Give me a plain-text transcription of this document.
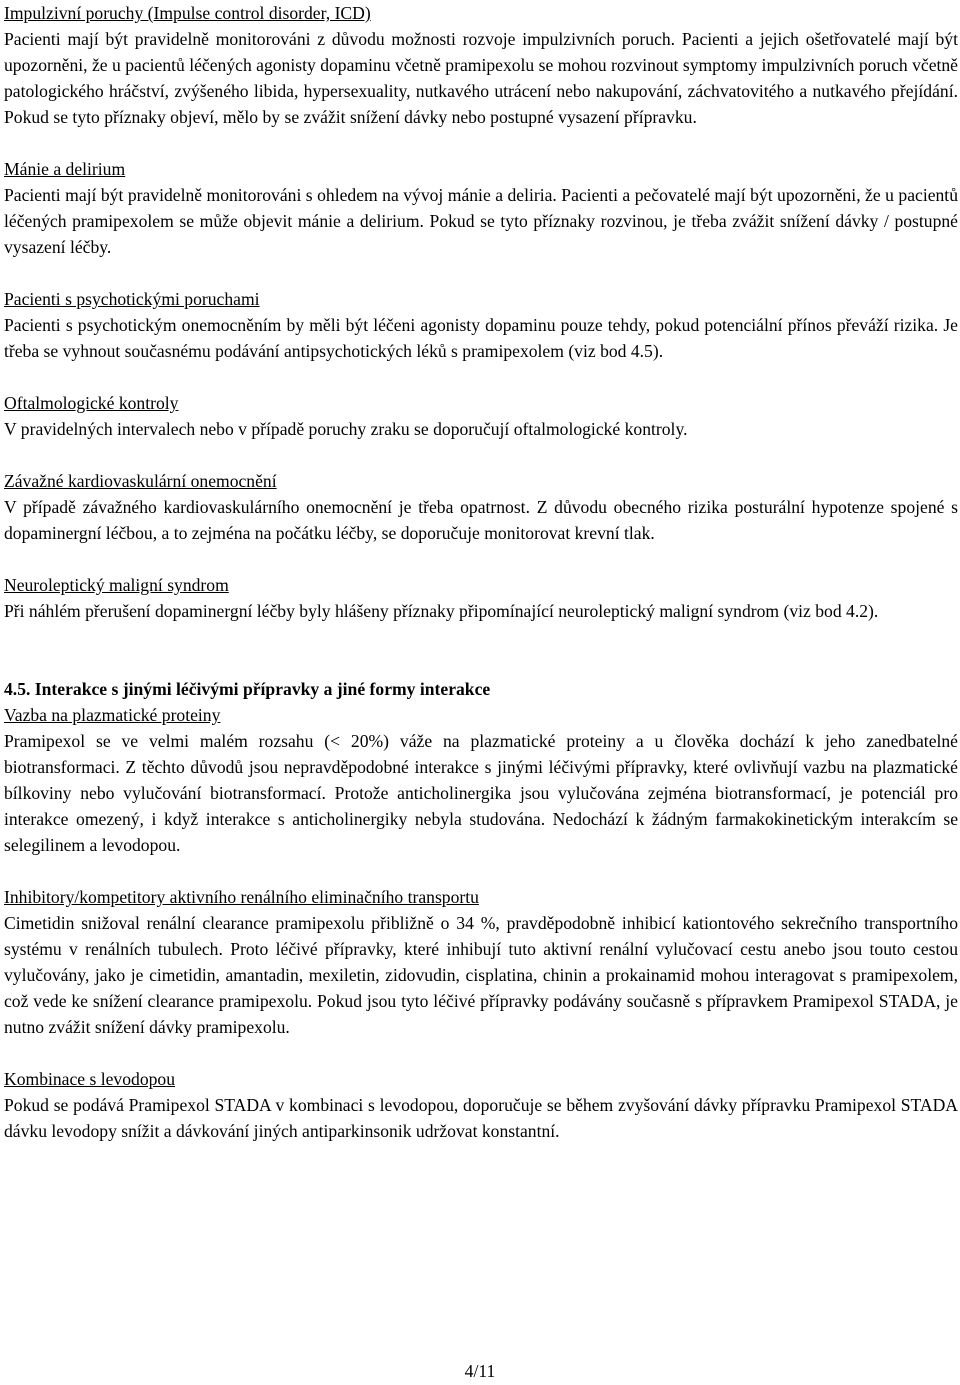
Impulzivní poruchy (Impulse control disorder, ICD)

Pacienti mají být pravidelně monitorováni z důvodu možnosti rozvoje impulzivních poruch. Pacienti a jejich ošetřovatelé mají být upozorněni, že u pacientů léčených agonisty dopaminu včetně pramipexolu se mohou rozvinout symptomy impulzivních poruch včetně patologického hráčství, zvýšeného libida, hypersexuality, nutkavého utrácení nebo nakupování, záchvatovitého a nutkavého přejídání. Pokud se tyto příznaky objeví, mělo by se zvážit snížení dávky nebo postupné vysazení přípravku.

Mánie a delirium

Pacienti mají být pravidelně monitorováni s ohledem na vývoj mánie a deliria. Pacienti a pečovatelé mají být upozorněni, že u pacientů léčených pramipexolem se může objevit mánie a delirium. Pokud se tyto příznaky rozvinou, je třeba zvážit snížení dávky / postupné vysazení léčby.

Pacienti s psychotickými poruchami

Pacienti s psychotickým onemocněním by měli být léčeni agonisty dopaminu pouze tehdy, pokud potenciální přínos převáží rizika. Je třeba se vyhnout současnému podávání antipsychotických léků s pramipexolem (viz bod 4.5).

Oftalmologické kontroly

V pravidelných intervalech nebo v případě poruchy zraku se doporučují oftalmologické kontroly.

Závažné kardiovaskulární onemocnění

V případě závažného kardiovaskulárního onemocnění je třeba opatrnost. Z důvodu obecného rizika posturální hypotenze spojené s dopaminergní léčbou, a to zejména na počátku léčby, se doporučuje monitorovat krevní tlak.

Neuroleptický maligní syndrom

Při náhlém přerušení dopaminergní léčby byly hlášeny příznaky připomínající neuroleptický maligní syndrom (viz bod 4.2).

4.5. Interakce s jinými léčivými přípravky a jiné formy interakce

Vazba na plazmatické proteiny

Pramipexol se ve velmi malém rozsahu (< 20%) váže na plazmatické proteiny a u člověka dochází k jeho zanedbatelné biotransformaci. Z těchto důvodů jsou nepravděpodobné interakce s jinými léčivými přípravky, které ovlivňují vazbu na plazmatické bílkoviny nebo vylučování biotransformací. Protože anticholinergika jsou vylučována zejména biotransformací, je potenciál pro interakce omezený, i když interakce s anticholinergiky nebyla studována. Nedochází k žádným farmakokinetickým interakcím se selegilinem a levodopou.

Inhibitory/kompetitory aktivního renálního eliminačního transportu

Cimetidin snižoval renální clearance pramipexolu přibližně o 34 %, pravděpodobně inhibicí kationtového sekrečního transportního systému v renálních tubulech. Proto léčivé přípravky, které inhibují tuto aktivní renální vylučovací cestu anebo jsou touto cestou vylučovány, jako je cimetidin, amantadin, mexiletin, zidovudin, cisplatina, chinin a prokainamid mohou interagovat s pramipexolem, což vede ke snížení clearance pramipexolu. Pokud jsou tyto léčivé přípravky podávány současně s přípravkem Pramipexol STADA, je nutno zvážit snížení dávky pramipexolu.

Kombinace s levodopou

Pokud se podává Pramipexol STADA v kombinaci s levodopou, doporučuje se během zvyšování dávky přípravku Pramipexol STADA dávku levodopy snížit a dávkování jiných antiparkinsonik udržovat konstantní.

4/11
